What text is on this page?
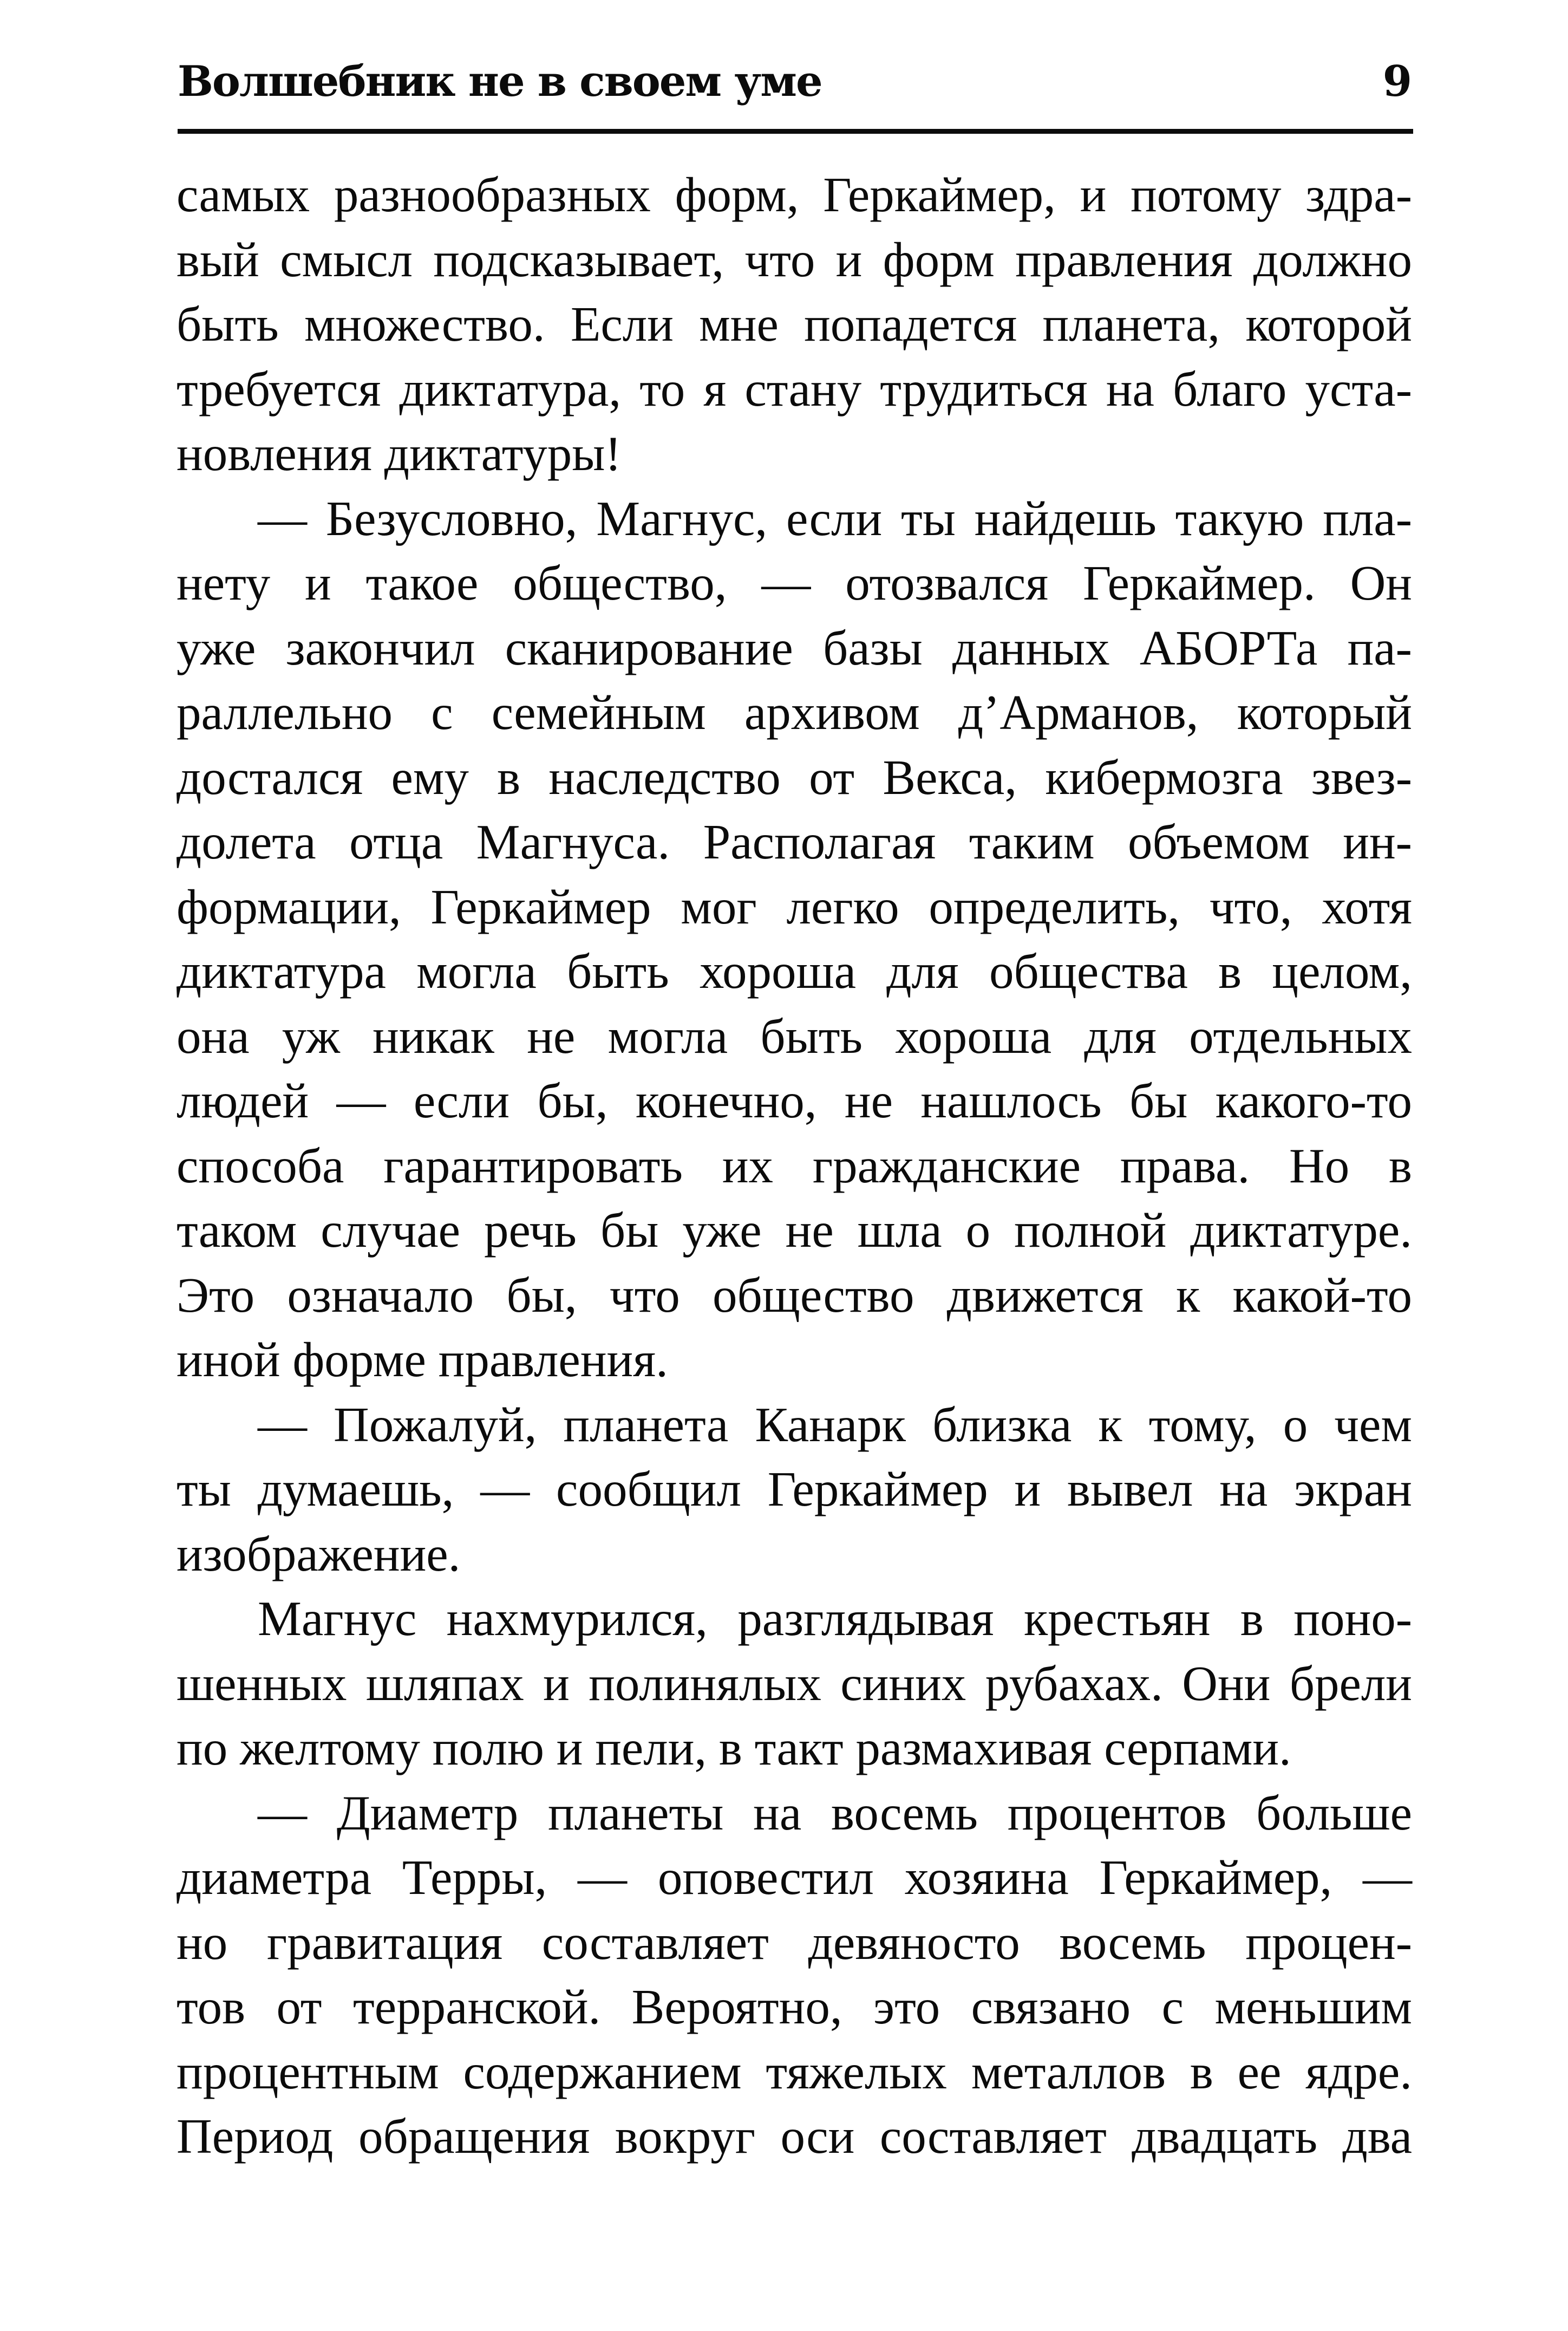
Волшебник не в своем уме	9
самых разнообразных форм, Геркаймер, и потому здра-
вый смысл подсказывает, что и форм правления должно
быть множество. Если мне попадется планета, которой
требуется диктатура, то я стану трудиться на благо уста-
новления диктатуры!
— Безусловно, Магнус, если ты найдешь такую пла-
нету и такое общество, — отозвался Геркаймер. Он
уже закончил сканирование базы данных АБОРТа па-
раллельно с семейным архивом д’Арманов, который
достался ему в наследство от Векса, кибермозга звез-
долета отца Магнуса. Располагая таким объемом ин-
формации, Геркаймер мог легко определить, что, хотя
диктатура могла быть хороша для общества в целом,
она уж никак не могла быть хороша для отдельных
людей — если бы, конечно, не нашлось бы какого-то
способа гарантировать их гражданские права. Но в
таком случае речь бы уже не шла о полной диктатуре.
Это означало бы, что общество движется к какой-то
иной форме правления.
— Пожалуй, планета Канарк близка к тому, о чем
ты думаешь, — сообщил Геркаймер и вывел на экран
изображение.
Магнус нахмурился, разглядывая крестьян в поно-
шенных шляпах и полинялых синих рубахах. Они брели
по желтому полю и пели, в такт размахивая серпами.
— Диаметр планеты на восемь процентов больше
диаметра Терры, — оповестил хозяина Геркаймер, —
но гравитация составляет девяносто восемь процен-
тов от терранской. Вероятно, это связано с меньшим
процентным содержанием тяжелых металлов в ее ядре.
Период обращения вокруг оси составляет двадцать два
